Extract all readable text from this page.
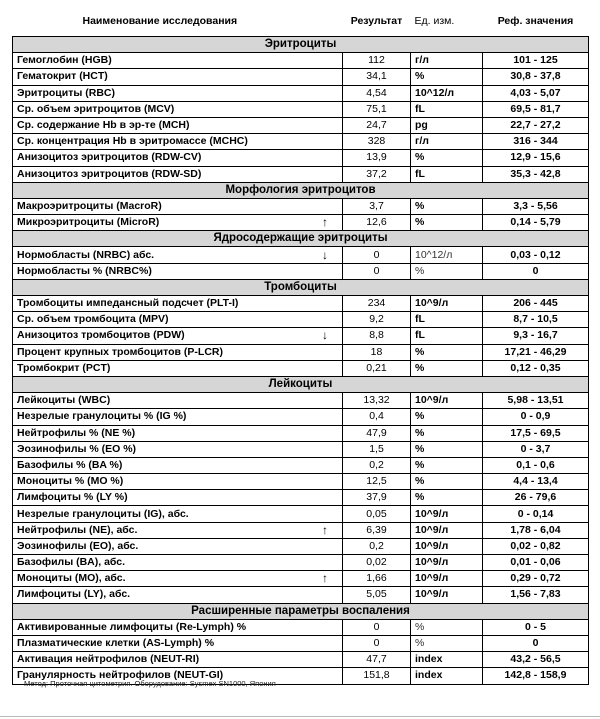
Наименование исследования	Результат	Ед. изм.	Реф. значения
Эритроциты			
Гемоглобин (HGB)	112	г/л	101 - 125
Гематокрит (HCT)	34,1	%	30,8 - 37,8
Эритроциты (RBC)	4,54	10^12/л	4,03 - 5,07
Ср. объем эритроцитов (MCV)	75,1	fL	69,5 - 81,7
Ср. содержание Hb в эр-те (MCH)	24,7	pg	22,7 - 27,2
Ср. концентрация Hb в эритромассе (MCHC)	328	г/л	316 - 344
Анизоцитоз эритроцитов (RDW-CV)	13,9	%	12,9 - 15,6
Анизоцитоз эритроцитов (RDW-SD)	37,2	fL	35,3 - 42,8
Морфология эритроцитов			
Макроэритроциты (MacroR)	3,7	%	3,3 - 5,56
Микроэритроциты (MicroR) ↑	12,6	%	0,14 - 5,79
Ядросодержащие эритроциты			
Нормобласты (NRBC) абс. ↓	0	10^12/л	0,03 - 0,12
Нормобласты % (NRBC%)	0	%	0
Тромбоциты			
Тромбоциты импедансный подсчет (PLT-I)	234	10^9/л	206 - 445
Ср. объем тромбоцита (MPV)	9,2	fL	8,7 - 10,5
Анизоцитоз тромбоцитов (PDW) ↓	8,8	fL	9,3 - 16,7
Процент крупных тромбоцитов (P-LCR)	18	%	17,21 - 46,29
Тромбокрит (PCT)	0,21	%	0,12 - 0,35
Лейкоциты			
Лейкоциты (WBC)	13,32	10^9/л	5,98 - 13,51
Незрелые гранулоциты % (IG %)	0,4	%	0 - 0,9
Нейтрофилы % (NE %)	47,9	%	17,5 - 69,5
Эозинофилы % (EO %)	1,5	%	0 - 3,7
Базофилы % (BA %)	0,2	%	0,1 - 0,6
Моноциты % (MO %)	12,5	%	4,4 - 13,4
Лимфоциты % (LY %)	37,9	%	26 - 79,6
Незрелые гранулоциты (IG), абс.	0,05	10^9/л	0 - 0,14
Нейтрофилы (NE), абс. ↑	6,39	10^9/л	1,78 - 6,04
Эозинофилы (EO), абс.	0,2	10^9/л	0,02 - 0,82
Базофилы (BA), абс.	0,02	10^9/л	0,01 - 0,06
Моноциты (MO), абс. ↑	1,66	10^9/л	0,29 - 0,72
Лимфоциты (LY), абс.	5,05	10^9/л	1,56 - 7,83
Расширенные параметры воспаления			
Активированные лимфоциты (Re-Lymph) %	0	%	0 - 5
Плазматические клетки (AS-Lymph) %	0	%	0
Активация нейтрофилов (NEUT-RI)	47,7	index	43,2 - 56,5
Гранулярность нейтрофилов (NEUT-GI)	151,8	index	142,8 - 158,9
Метод: Проточная цитометрия. Оборудование: Sysmex SN1000, Япония
